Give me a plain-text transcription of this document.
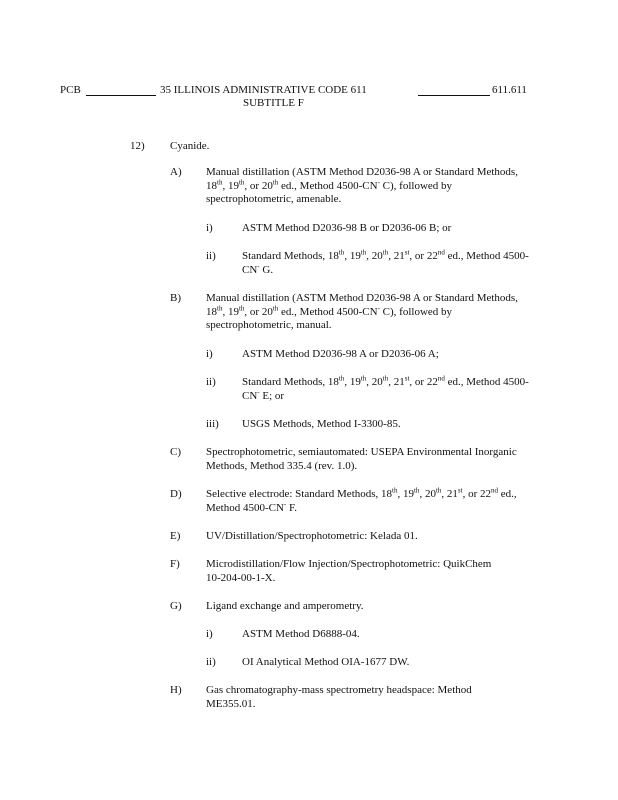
PCB	35 ILLINOIS ADMINISTRATIVE CODE 611	611.611
SUBTITLE F
12) Cyanide.
A) Manual distillation (ASTM Method D2036-98 A or Standard Methods, 18th, 19th, or 20th ed., Method 4500-CN- C), followed by spectrophotometric, amenable.
i)	ASTM Method D2036-98 B or D2036-06 B; or
ii) Standard Methods, 18th, 19th, 20th, 21st, or 22nd ed., Method 4500-CN- G.
B) Manual distillation (ASTM Method D2036-98 A or Standard Methods, 18th, 19th, or 20th ed., Method 4500-CN- C), followed by spectrophotometric, manual.
i)	ASTM Method D2036-98 A or D2036-06 A;
ii) Standard Methods, 18th, 19th, 20th, 21st, or 22nd ed., Method 4500-CN- E; or
iii) USGS Methods, Method I-3300-85.
C) Spectrophotometric, semiautomated: USEPA Environmental Inorganic Methods, Method 335.4 (rev. 1.0).
D) Selective electrode: Standard Methods, 18th, 19th, 20th, 21st, or 22nd ed., Method 4500-CN- F.
E) UV/Distillation/Spectrophotometric: Kelada 01.
F) Microdistillation/Flow Injection/Spectrophotometric: QuikChem 10-204-00-1-X.
G) Ligand exchange and amperometry.
i)	ASTM Method D6888-04.
ii) OI Analytical Method OIA-1677 DW.
H) Gas chromatography-mass spectrometry headspace: Method ME355.01.
